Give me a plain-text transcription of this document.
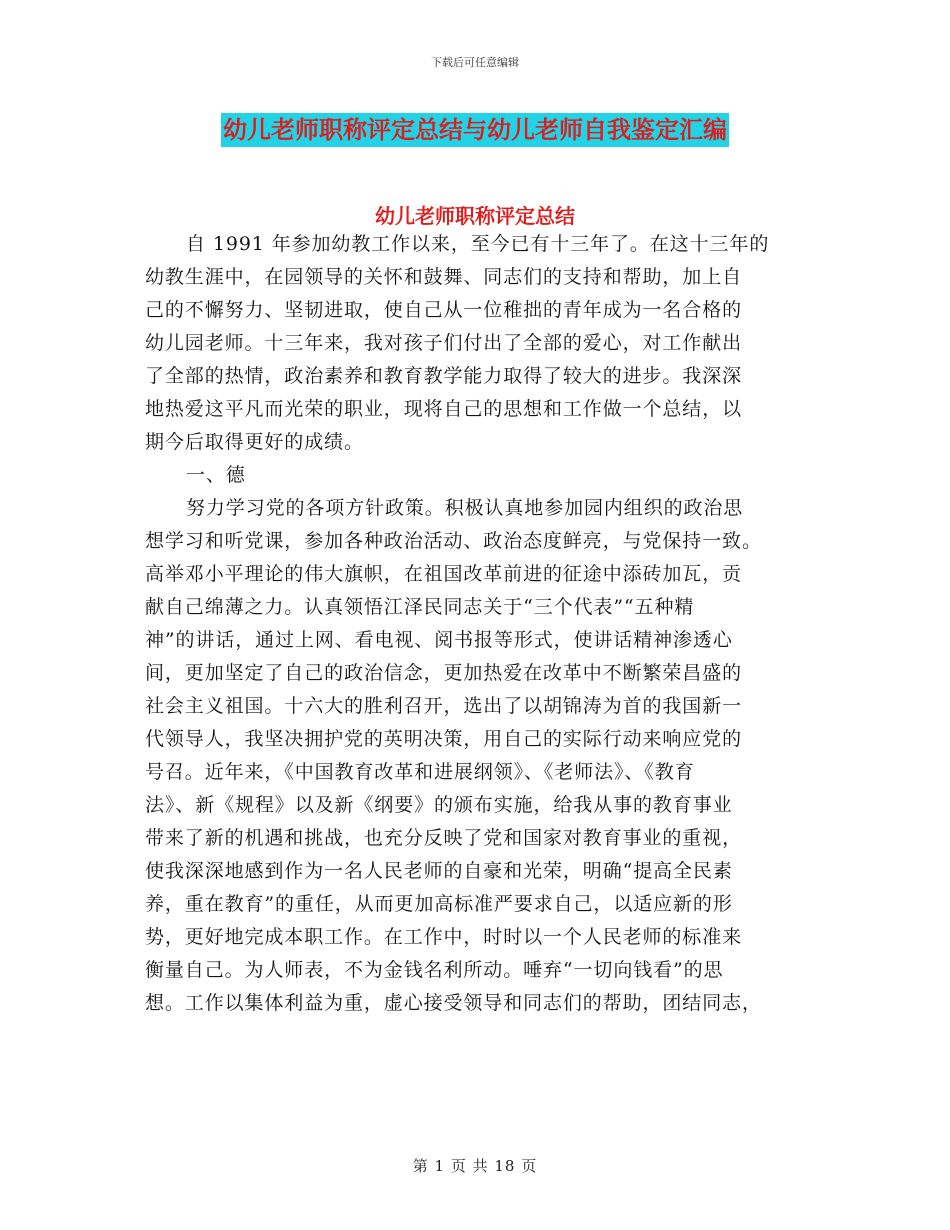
下载后可任意编辑
幼儿老师职称评定总结与幼儿老师自我鉴定汇编
幼儿老师职称评定总结
自 1991 年参加幼教工作以来，至今已有十三年了。在这十三年的
幼教生涯中，在园领导的关怀和鼓舞、同志们的支持和帮助，加上自
己的不懈努力、坚韧进取，使自己从一位稚拙的青年成为一名合格的
幼儿园老师。十三年来，我对孩子们付出了全部的爱心，对工作献出
了全部的热情，政治素养和教育教学能力取得了较大的进步。我深深
地热爱这平凡而光荣的职业，现将自己的思想和工作做一个总结，以
期今后取得更好的成绩。
一、德
努力学习党的各项方针政策。积极认真地参加园内组织的政治思
想学习和听党课，参加各种政治活动、政治态度鲜亮，与党保持一致。
高举邓小平理论的伟大旗帜，在祖国改革前进的征途中添砖加瓦，贡
献自己绵薄之力。认真领悟江泽民同志关于“三个代表”“五种精
神”的讲话，通过上网、看电视、阅书报等形式，使讲话精神渗透心
间，更加坚定了自己的政治信念，更加热爱在改革中不断繁荣昌盛的
社会主义祖国。十六大的胜利召开，选出了以胡锦涛为首的我国新一
代领导人，我坚决拥护党的英明决策，用自己的实际行动来响应党的
号召。近年来，《中国教育改革和进展纲领》、《老师法》、《教育
法》、新《规程》以及新《纲要》的颁布实施，给我从事的教育事业
带来了新的机遇和挑战，也充分反映了党和国家对教育事业的重视，
使我深深地感到作为一名人民老师的自豪和光荣，明确“提高全民素
养，重在教育”的重任，从而更加高标准严要求自己，以适应新的形
势，更好地完成本职工作。在工作中，时时以一个人民老师的标准来
衡量自己。为人师表，不为金钱名利所动。唾弃“一切向钱看”的思
想。工作以集体利益为重，虚心接受领导和同志们的帮助，团结同志，
第 1 页 共 18 页
